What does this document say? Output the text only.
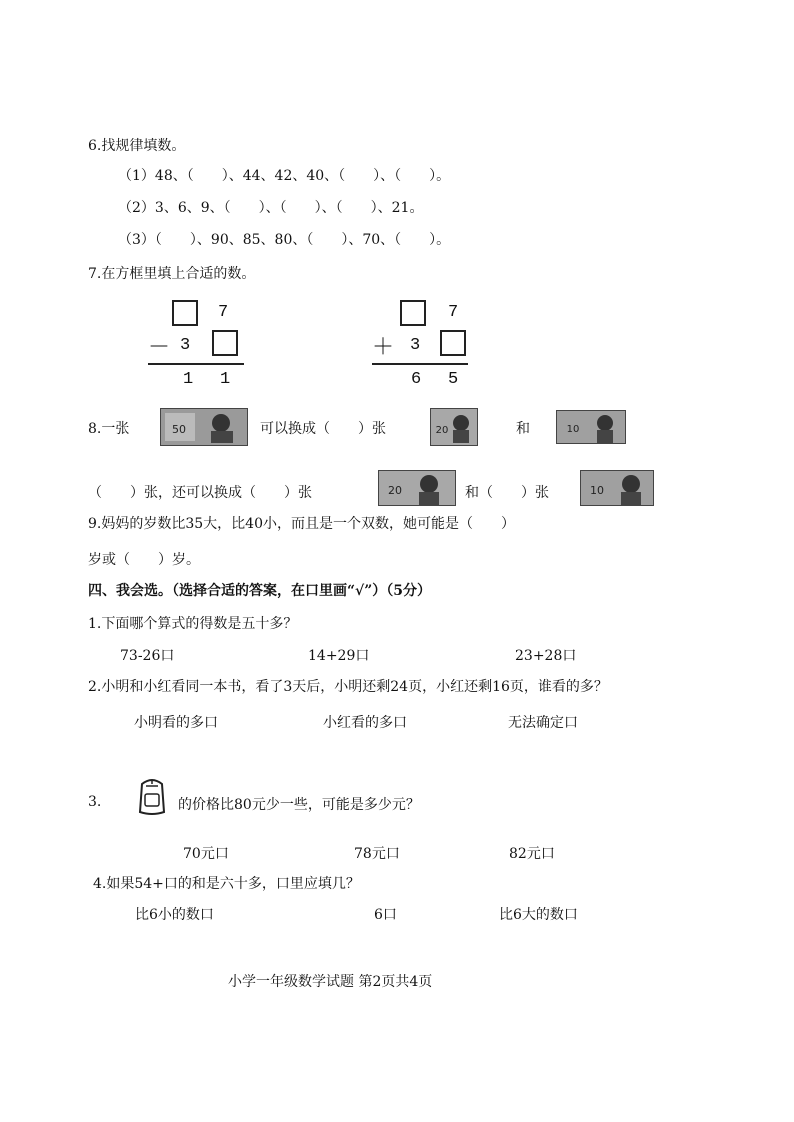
6.找规律填数。
（1）48、（　　）、44、42、40、（　　）、（　　）。
（2）3、6、9、（　　）、（　　）、（　　）、21。
（3）（　　）、90、85、80、（　　）、70、（　　）。
7.在方框里填上合适的数。
7
－ 3
1 1
7
＋ 3
6 5
8.一张	50	可以换成（　　）张	20	和	10
（　　）张，还可以换成（　　）张	20	和（　　）张	10
9.妈妈的岁数比35大，比40小，而且是一个双数，她可能是（　　）
岁或（　　）岁。
四、我会选。（选择合适的答案，在口里画“√”）（5分）
1.下面哪个算式的得数是五十多？
73-26口	14+29口	23+28口
2.小明和小红看同一本书，看了3天后，小明还剩24页，小红还剩16页，谁看的多？
小明看的多口	小红看的多口	无法确定口
3.	的价格比80元少一些，可能是多少元？
70元口	78元口	82元口
4.如果54+口的和是六十多，口里应填几？
比6小的数口	6口	比6大的数口
小学一年级数学试题 第2页共4页
